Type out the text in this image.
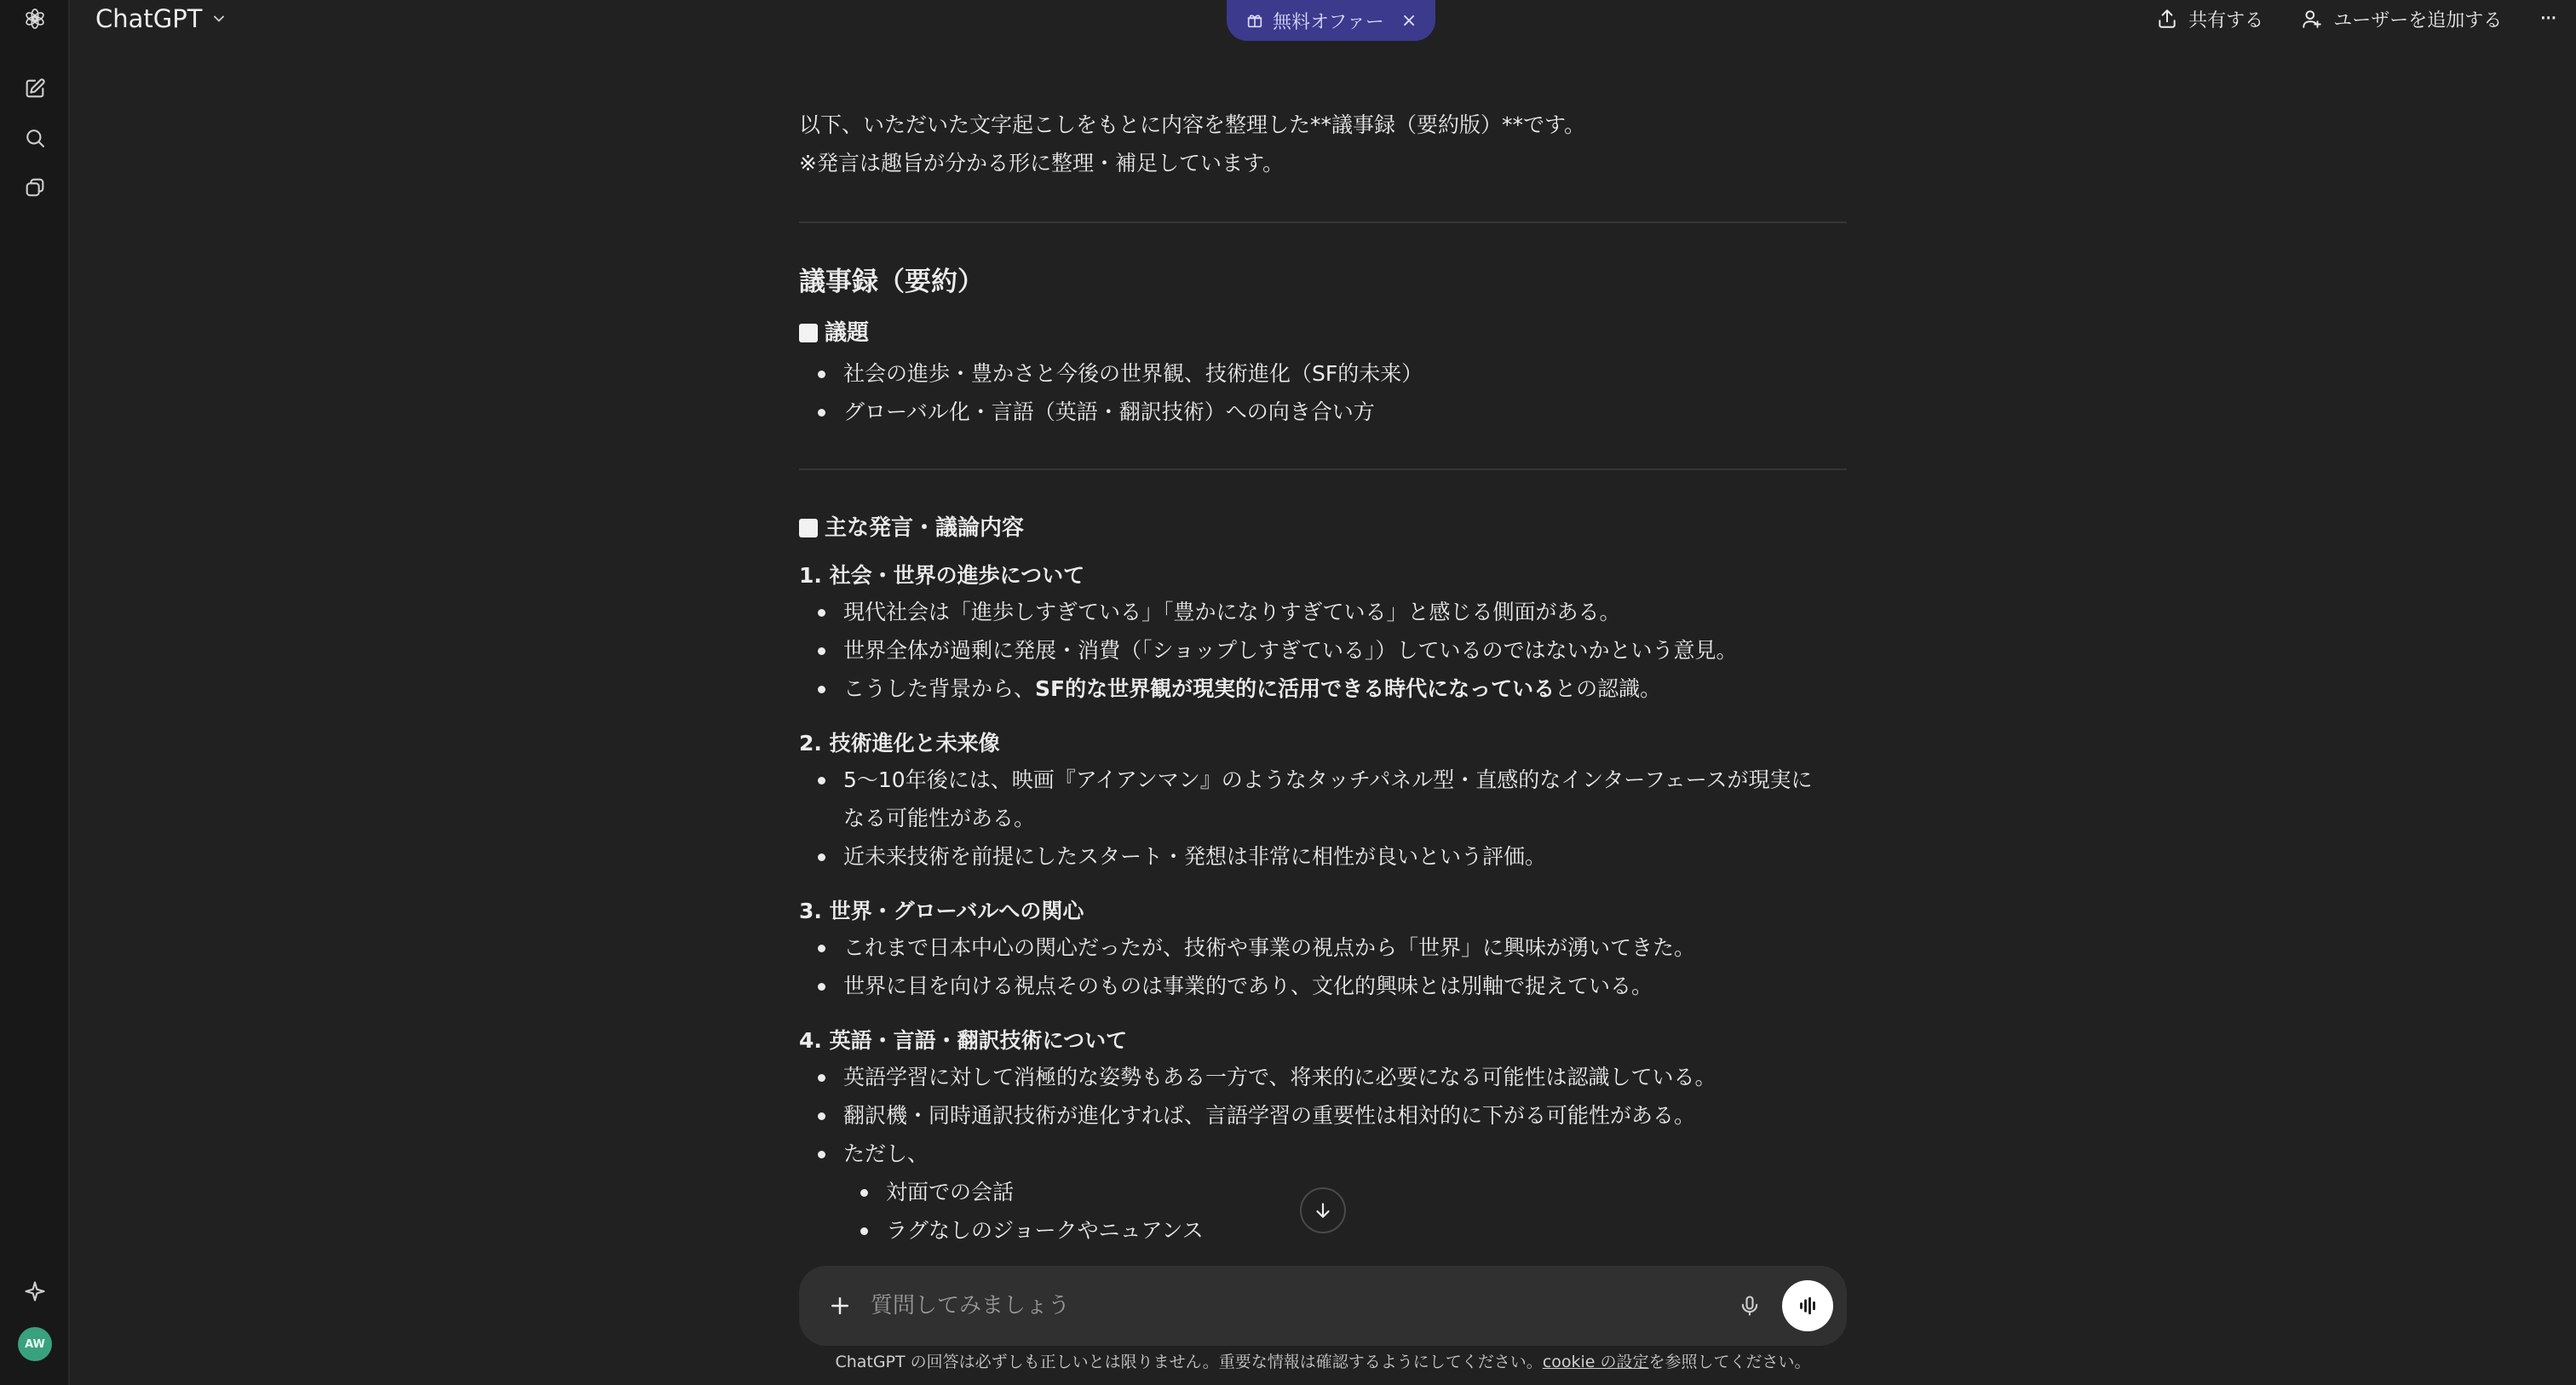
AW
ChatGPT	無料オファー ×	共有する	ユーザーを追加する ···

以下、いただいた文字起こしをもとに内容を整理した**議事録（要約版）**です。

※発言は趣旨が分かる形に整理・補足しています。

議事録（要約）
議題
社会の進歩・豊かさと今後の世界観、技術進化（SF的未来）
グローバル化・言語（英語・翻訳技術）への向き合い方
主な発言・議論内容
1. 社会・世界の進歩について
現代社会は「進歩しすぎている」「豊かになりすぎている」と感じる側面がある。
世界全体が過剰に発展・消費（「ショップしすぎている」）しているのではないかという意見。
こうした背景から、SF的な世界観が現実的に活用できる時代になっているとの認識。
2. 技術進化と未来像
5〜10年後には、映画『アイアンマン』のようなタッチパネル型・直感的なインターフェースが現実に
なる可能性がある。
近未来技術を前提にしたスタート・発想は非常に相性が良いという評価。
3. 世界・グローバルへの関心
これまで日本中心の関心だったが、技術や事業の視点から「世界」に興味が湧いてきた。
世界に目を向ける視点そのものは事業的であり、文化的興味とは別軸で捉えている。
4. 英語・言語・翻訳技術について
英語学習に対して消極的な姿勢もある一方で、将来的に必要になる可能性は認識している。
翻訳機・同時通訳技術が進化すれば、言語学習の重要性は相対的に下がる可能性がある。
ただし、
対面での会話
ラグなしのジョークやニュアンス
質問してみましょう
ChatGPT の回答は必ずしも正しいとは限りません。重要な情報は確認するようにしてください。cookie の設定を参照してください。
